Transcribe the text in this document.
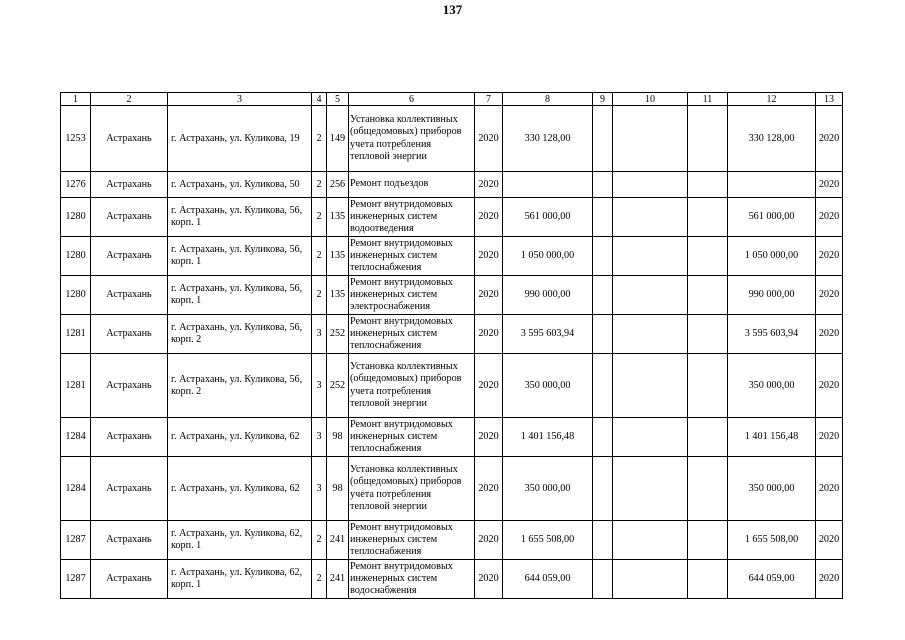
137
1	2	3	4	5	6	7	8	9	10	11	12	13
1253	Астрахань	г. Астрахань, ул. Куликова, 19	2	149	Установка коллективных (общедомовых) приборов учета потребления тепловой энергии	2020	330 128,00				330 128,00	2020
1276	Астрахань	г. Астрахань, ул. Куликова, 50	2	256	Ремонт подъездов	2020						2020
1280	Астрахань	г. Астрахань, ул. Куликова, 56, корп. 1	2	135	Ремонт внутридомовых инженерных систем водоотведения	2020	561 000,00				561 000,00	2020
1280	Астрахань	г. Астрахань, ул. Куликова, 56, корп. 1	2	135	Ремонт внутридомовых инженерных систем теплоснабжения	2020	1 050 000,00				1 050 000,00	2020
1280	Астрахань	г. Астрахань, ул. Куликова, 56, корп. 1	2	135	Ремонт внутридомовых инженерных систем электроснабжения	2020	990 000,00				990 000,00	2020
1281	Астрахань	г. Астрахань, ул. Куликова, 56, корп. 2	3	252	Ремонт внутридомовых инженерных систем теплоснабжения	2020	3 595 603,94				3 595 603,94	2020
1281	Астрахань	г. Астрахань, ул. Куликова, 56, корп. 2	3	252	Установка коллективных (общедомовых) приборов учета потребления тепловой энергии	2020	350 000,00				350 000,00	2020
1284	Астрахань	г. Астрахань, ул. Куликова, 62	3	98	Ремонт внутридомовых инженерных систем теплоснабжения	2020	1 401 156,48				1 401 156,48	2020
1284	Астрахань	г. Астрахань, ул. Куликова, 62	3	98	Установка коллективных (общедомовых) приборов учета потребления тепловой энергии	2020	350 000,00				350 000,00	2020
1287	Астрахань	г. Астрахань, ул. Куликова, 62, корп. 1	2	241	Ремонт внутридомовых инженерных систем теплоснабжения	2020	1 655 508,00				1 655 508,00	2020
1287	Астрахань	г. Астрахань, ул. Куликова, 62, корп. 1	2	241	Ремонт внутридомовых инженерных систем водоснабжения	2020	644 059,00				644 059,00	2020
